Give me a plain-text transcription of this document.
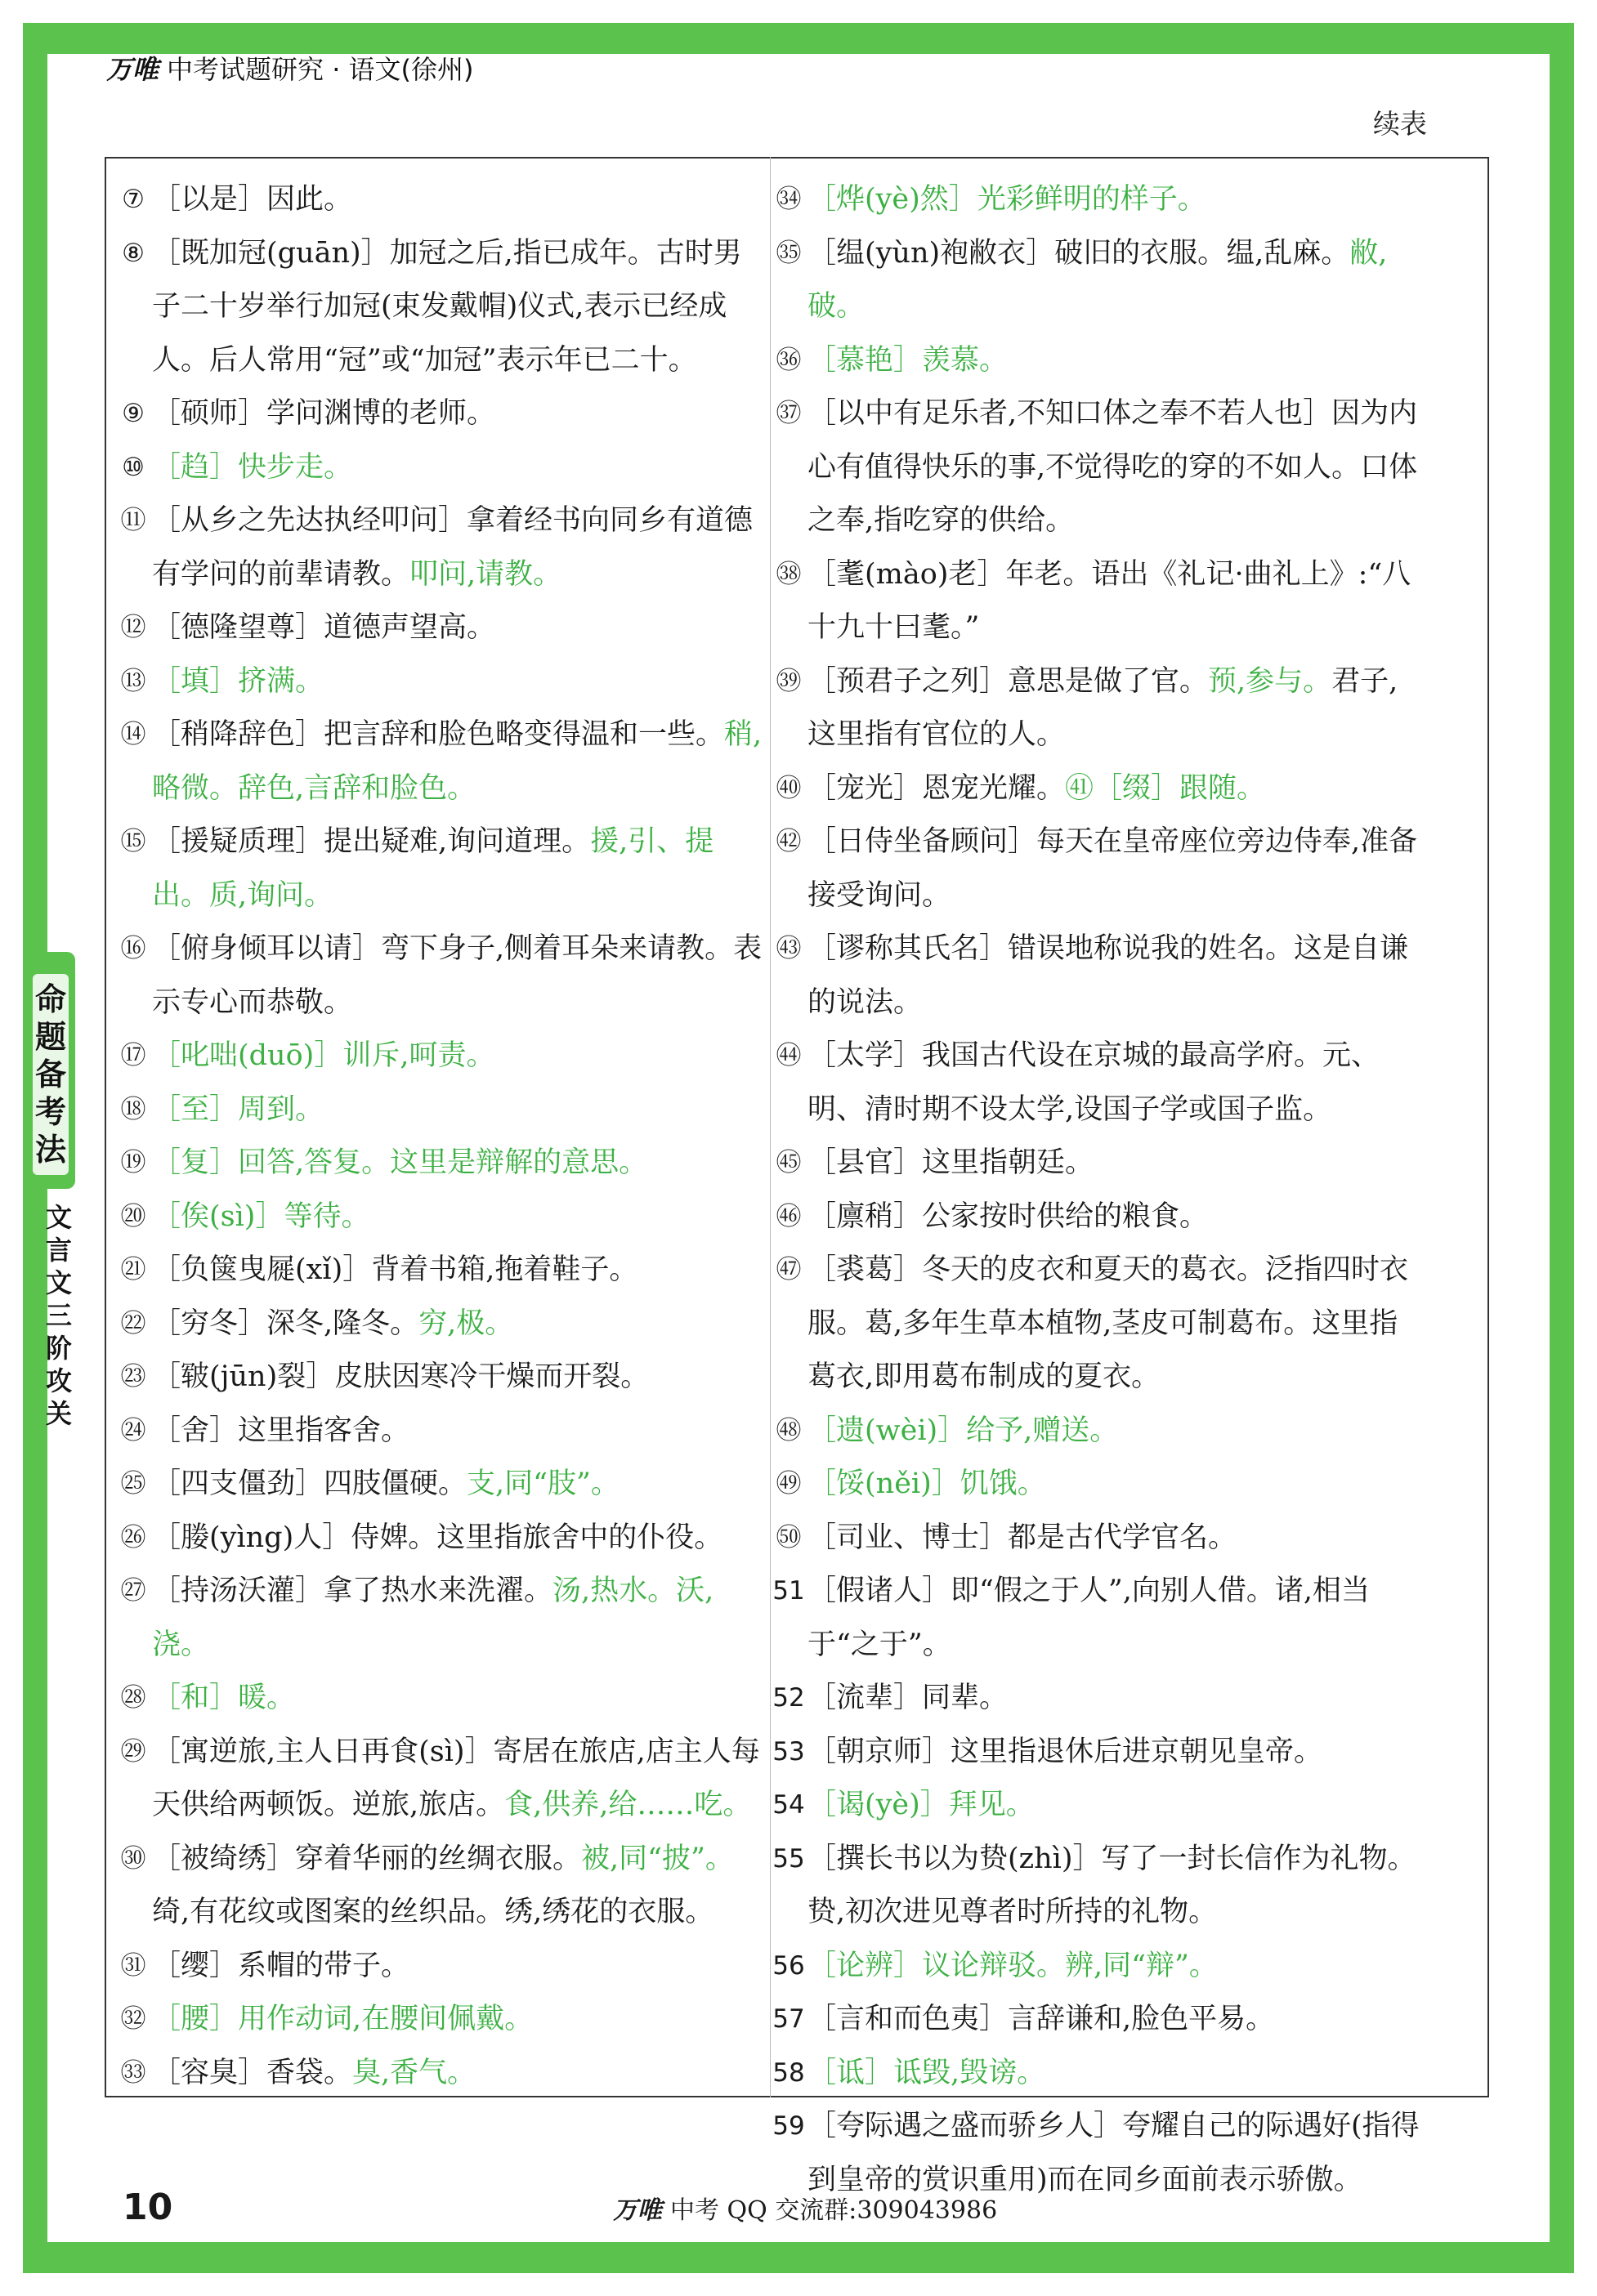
万唯 中考试题研究 · 语文(徐州)
续表
命题备考法
文言文三阶攻关
⑦ ［以是］因此。
⑧ ［既加冠(guān)］加冠之后,指已成年。古时男子二十岁举行加冠(束发戴帽)仪式,表示已经成人。后人常用“冠”或“加冠”表示年已二十。
⑨ ［硕师］学问渊博的老师。
⑩ ［趋］快步走。
⑪ ［从乡之先达执经叩问］拿着经书向同乡有道德有学问的前辈请教。叩问,请教。
⑫ ［德隆望尊］道德声望高。
⑬ ［填］挤满。
⑭ ［稍降辞色］把言辞和脸色略变得温和一些。稍,略微。辞色,言辞和脸色。
⑮ ［援疑质理］提出疑难,询问道理。援,引、提出。质,询问。
⑯ ［俯身倾耳以请］弯下身子,侧着耳朵来请教。表示专心而恭敬。
⑰ ［叱咄(duō)］训斥,呵责。
⑱ ［至］周到。
⑲ ［复］回答,答复。这里是辩解的意思。
⑳ ［俟(sì)］等待。
㉑ ［负箧曳屣(xǐ)］背着书箱,拖着鞋子。
㉒ ［穷冬］深冬,隆冬。穷,极。
㉓ ［皲(jūn)裂］皮肤因寒冷干燥而开裂。
㉔ ［舍］这里指客舍。
㉕ ［四支僵劲］四肢僵硬。支,同“肢”。
㉖ ［媵(yìng)人］侍婢。这里指旅舍中的仆役。
㉗ ［持汤沃灌］拿了热水来洗濯。汤,热水。沃,浇。
㉘ ［和］暖。
㉙ ［寓逆旅,主人日再食(sì)］寄居在旅店,店主人每天供给两顿饭。逆旅,旅店。食,供养,给……吃。
㉚ ［被绮绣］穿着华丽的丝绸衣服。被,同“披”。绮,有花纹或图案的丝织品。绣,绣花的衣服。
㉛ ［缨］系帽的带子。
㉜ ［腰］用作动词,在腰间佩戴。
㉝ ［容臭］香袋。臭,香气。
㉞ ［烨(yè)然］光彩鲜明的样子。
㉟ ［缊(yùn)袍敝衣］破旧的衣服。缊,乱麻。敝,破。
㊱ ［慕艳］羡慕。
㊲ ［以中有足乐者,不知口体之奉不若人也］因为内心有值得快乐的事,不觉得吃的穿的不如人。口体之奉,指吃穿的供给。
㊳ ［耄(mào)老］年老。语出《礼记·曲礼上》:“八十九十曰耄。”
㊴ ［预君子之列］意思是做了官。预,参与。君子,这里指有官位的人。
㊵ ［宠光］恩宠光耀。㊶［缀］跟随。
㊷ ［日侍坐备顾问］每天在皇帝座位旁边侍奉,准备接受询问。
㊸ ［谬称其氏名］错误地称说我的姓名。这是自谦的说法。
㊹ ［太学］我国古代设在京城的最高学府。元、明、清时期不设太学,设国子学或国子监。
㊺ ［县官］这里指朝廷。
㊻ ［廪稍］公家按时供给的粮食。
㊼ ［裘葛］冬天的皮衣和夏天的葛衣。泛指四时衣服。葛,多年生草本植物,茎皮可制葛布。这里指葛衣,即用葛布制成的夏衣。
㊽ ［遗(wèi)］给予,赠送。
㊾ ［馁(něi)］饥饿。
㊿ ［司业、博士］都是古代学官名。
51 ［假诸人］即“假之于人”,向别人借。诸,相当于“之于”。
52 ［流辈］同辈。
53 ［朝京师］这里指退休后进京朝见皇帝。
54 ［谒(yè)］拜见。
55 ［撰长书以为贽(zhì)］写了一封长信作为礼物。贽,初次进见尊者时所持的礼物。
56 ［论辨］议论辩驳。辨,同“辩”。
57 ［言和而色夷］言辞谦和,脸色平易。
58 ［诋］诋毁,毁谤。
59 ［夸际遇之盛而骄乡人］夸耀自己的际遇好(指得到皇帝的赏识重用)而在同乡面前表示骄傲。
10	万唯 中考 QQ 交流群:309043986
